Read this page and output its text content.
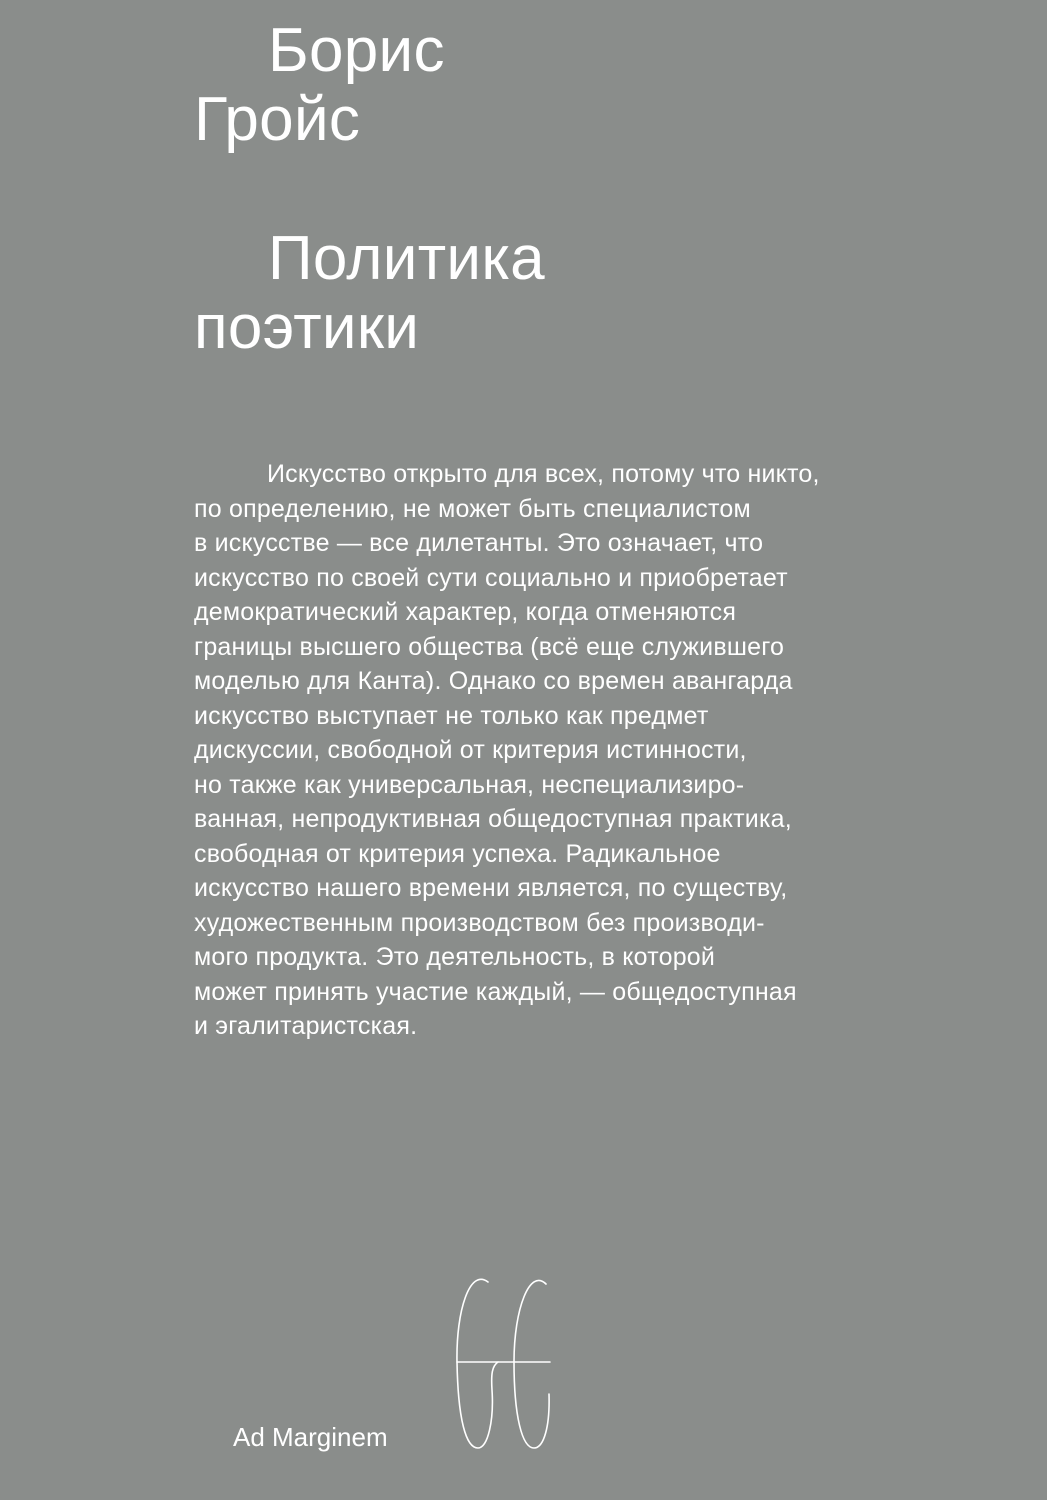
Борис
Гройс
Политика
поэтики

Искусство открыто для всех, потому что никто,
по определению, не может быть специалистом
в искусстве — все дилетанты. Это означает, что
искусство по своей сути социально и приобретает
демократический характер, когда отменяются
границы высшего общества (всё еще служившего
моделью для Канта). Однако со времен авангарда
искусство выступает не только как предмет
дискуссии, свободной от критерия истинности,
но также как универсальная, неспециализиро-
ванная, непродуктивная общедоступная практика,
свободная от критерия успеха. Радикальное
искусство нашего времени является, по существу,
художественным производством без производи-
мого продукта. Это деятельность, в которой
может принять участие каждый, — общедоступная
и эгалитаристская.

Ad Marginem
